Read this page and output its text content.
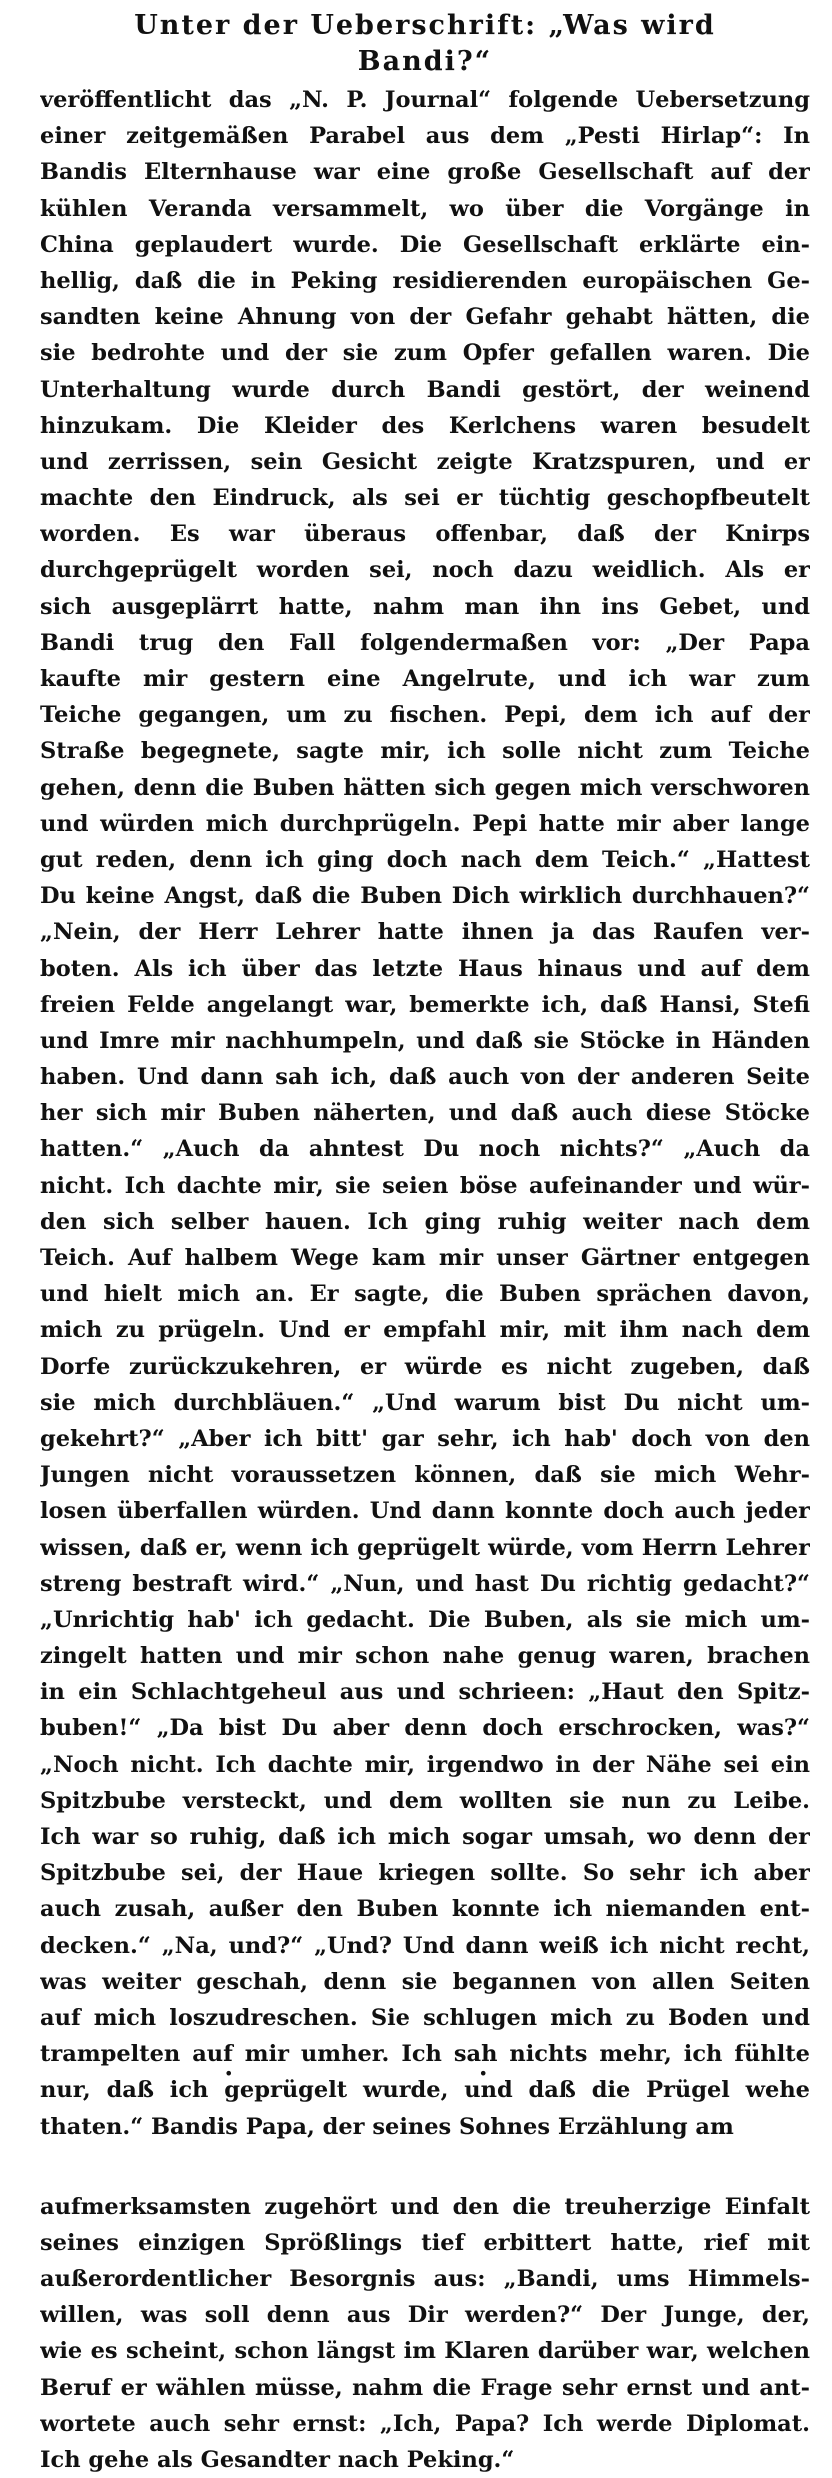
Unter der Ueberschrift: „Was wird
Bandi?“
veröffentlicht das „N. P. Journal“ folgende Uebersetzung
einer zeitgemäßen Parabel aus dem „Pesti Hirlap“: In
Bandis Elternhause war eine große Gesellschaft auf der
kühlen Veranda versammelt, wo über die Vorgänge in
China geplaudert wurde. Die Gesellschaft erklärte ein-
hellig, daß die in Peking residierenden europäischen Ge-
sandten keine Ahnung von der Gefahr gehabt hätten, die
sie bedrohte und der sie zum Opfer gefallen waren. Die
Unterhaltung wurde durch Bandi gestört, der weinend
hinzukam. Die Kleider des Kerlchens waren besudelt
und zerrissen, sein Gesicht zeigte Kratzspuren, und er
machte den Eindruck, als sei er tüchtig geschopfbeutelt
worden. Es war überaus offenbar, daß der Knirps
durchgeprügelt worden sei, noch dazu weidlich. Als er
sich ausgeplärrt hatte, nahm man ihn ins Gebet, und
Bandi trug den Fall folgendermaßen vor: „Der Papa
kaufte mir gestern eine Angelrute, und ich war zum
Teiche gegangen, um zu fischen. Pepi, dem ich auf der
Straße begegnete, sagte mir, ich solle nicht zum Teiche
gehen, denn die Buben hätten sich gegen mich verschworen
und würden mich durchprügeln. Pepi hatte mir aber lange
gut reden, denn ich ging doch nach dem Teich.“ „Hattest
Du keine Angst, daß die Buben Dich wirklich durchhauen?“
„Nein, der Herr Lehrer hatte ihnen ja das Raufen ver-
boten. Als ich über das letzte Haus hinaus und auf dem
freien Felde angelangt war, bemerkte ich, daß Hansi, Stefi
und Imre mir nachhumpeln, und daß sie Stöcke in Händen
haben. Und dann sah ich, daß auch von der anderen Seite
her sich mir Buben näherten, und daß auch diese Stöcke
hatten.“ „Auch da ahntest Du noch nichts?“ „Auch da
nicht. Ich dachte mir, sie seien böse aufeinander und wür-
den sich selber hauen. Ich ging ruhig weiter nach dem
Teich. Auf halbem Wege kam mir unser Gärtner entgegen
und hielt mich an. Er sagte, die Buben sprächen davon,
mich zu prügeln. Und er empfahl mir, mit ihm nach dem
Dorfe zurückzukehren, er würde es nicht zugeben, daß
sie mich durchbläuen.“ „Und warum bist Du nicht um-
gekehrt?“ „Aber ich bitt' gar sehr, ich hab' doch von den
Jungen nicht voraussetzen können, daß sie mich Wehr-
losen überfallen würden. Und dann konnte doch auch jeder
wissen, daß er, wenn ich geprügelt würde, vom Herrn Lehrer
streng bestraft wird.“ „Nun, und hast Du richtig gedacht?“
„Unrichtig hab' ich gedacht. Die Buben, als sie mich um-
zingelt hatten und mir schon nahe genug waren, brachen
in ein Schlachtgeheul aus und schrieen: „Haut den Spitz-
buben!“ „Da bist Du aber denn doch erschrocken, was?“
„Noch nicht. Ich dachte mir, irgendwo in der Nähe sei ein
Spitzbube versteckt, und dem wollten sie nun zu Leibe.
Ich war so ruhig, daß ich mich sogar umsah, wo denn der
Spitzbube sei, der Haue kriegen sollte. So sehr ich aber
auch zusah, außer den Buben konnte ich niemanden ent-
decken.“ „Na, und?“ „Und? Und dann weiß ich nicht recht,
was weiter geschah, denn sie begannen von allen Seiten
auf mich loszudreschen. Sie schlugen mich zu Boden und
trampelten auf mir umher. Ich sah nichts mehr, ich fühlte
nur, daß ich geprügelt wurde, und daß die Prügel wehe
thaten.“ Bandis Papa, der seines Sohnes Erzählung am
aufmerksamsten zugehört und den die treuherzige Einfalt
seines einzigen Sprößlings tief erbittert hatte, rief mit
außerordentlicher Besorgnis aus: „Bandi, ums Himmels-
willen, was soll denn aus Dir werden?“ Der Junge, der,
wie es scheint, schon längst im Klaren darüber war, welchen
Beruf er wählen müsse, nahm die Frage sehr ernst und ant-
wortete auch sehr ernst: „Ich, Papa? Ich werde Diplomat.
Ich gehe als Gesandter nach Peking.“
• •
